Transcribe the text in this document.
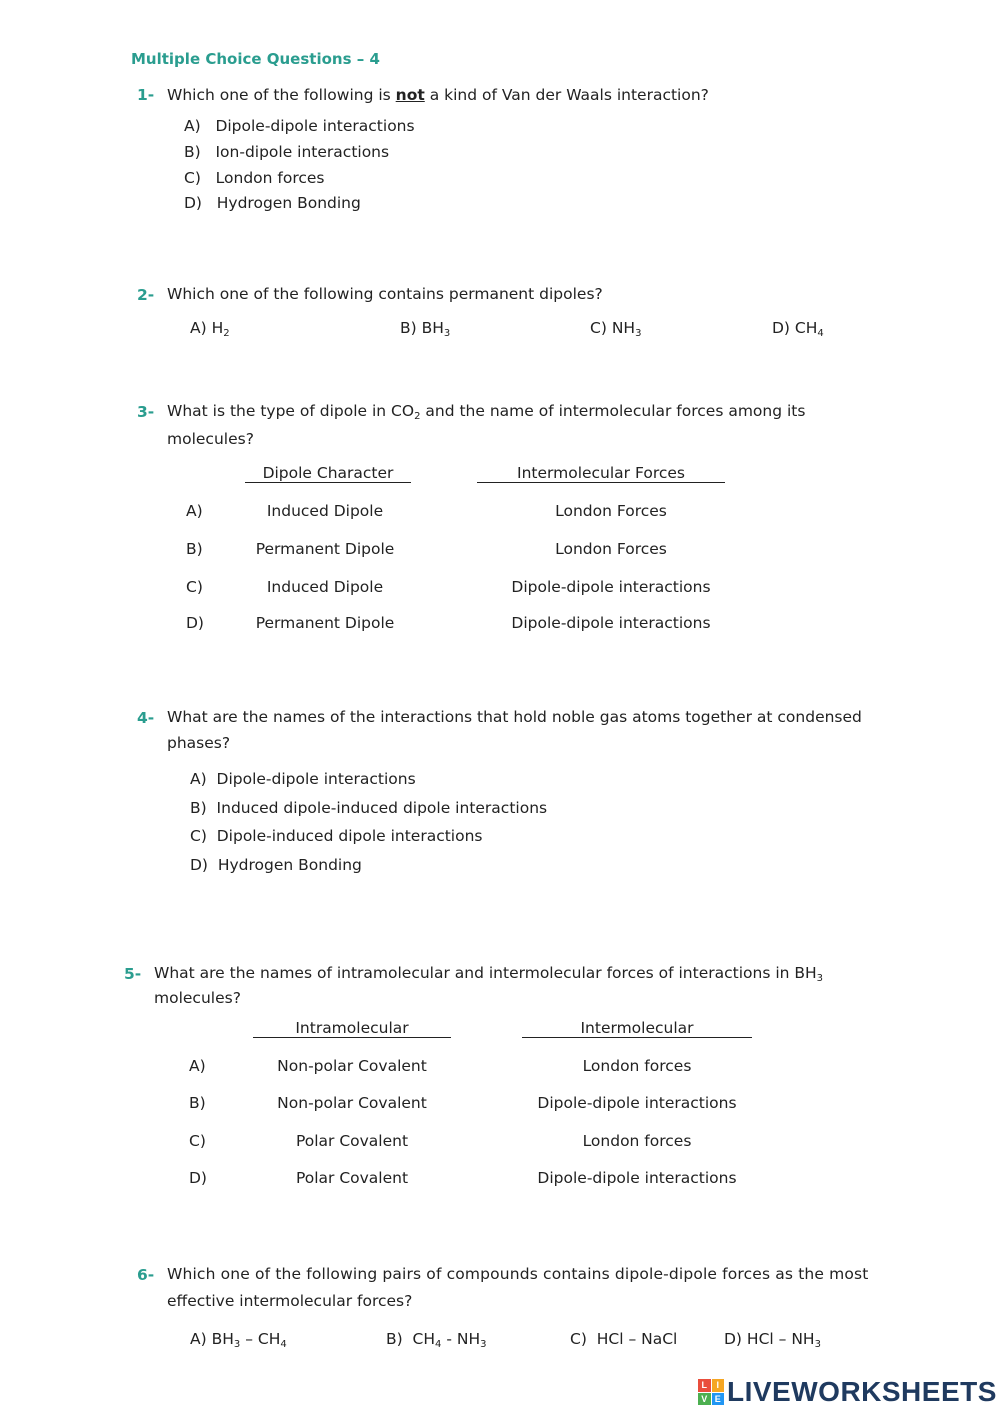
Multiple Choice Questions – 4
1- Which one of the following is not a kind of Van der Waals interaction?
A) Dipole-dipole interactions
B) Ion-dipole interactions
C) London forces
D) Hydrogen Bonding
2- Which one of the following contains permanent dipoles?
A) $H_2$	B) $BH_3$	C) $NH_3$	D) $CH_4$
3- What is the type of dipole in $CO_2$ and the name of intermolecular forces among its
molecules?
Dipole Character	Intermolecular Forces
A)	Induced Dipole	London Forces
B)	Permanent Dipole	London Forces
C)	Induced Dipole	Dipole-dipole interactions
D)	Permanent Dipole	Dipole-dipole interactions
4- What are the names of the interactions that hold noble gas atoms together at condensed
phases?
A) Dipole-dipole interactions
B) Induced dipole-induced dipole interactions
C) Dipole-induced dipole interactions
D) Hydrogen Bonding
5- What are the names of intramolecular and intermolecular forces of interactions in $BH_3$
molecules?
Intramolecular	Intermolecular
A)	Non-polar Covalent	London forces
B)	Non-polar Covalent	Dipole-dipole interactions
C)	Polar Covalent	London forces
D)	Polar Covalent	Dipole-dipole interactions
6- Which one of the following pairs of compounds contains dipole-dipole forces as the most
effective intermolecular forces?
A) $BH_3 - CH_4$	B) $CH_4 - NH_3$	C) HCl – NaCl	D) HCl – $NH_3$
L	I
V E LIVEWORKSHEETS
